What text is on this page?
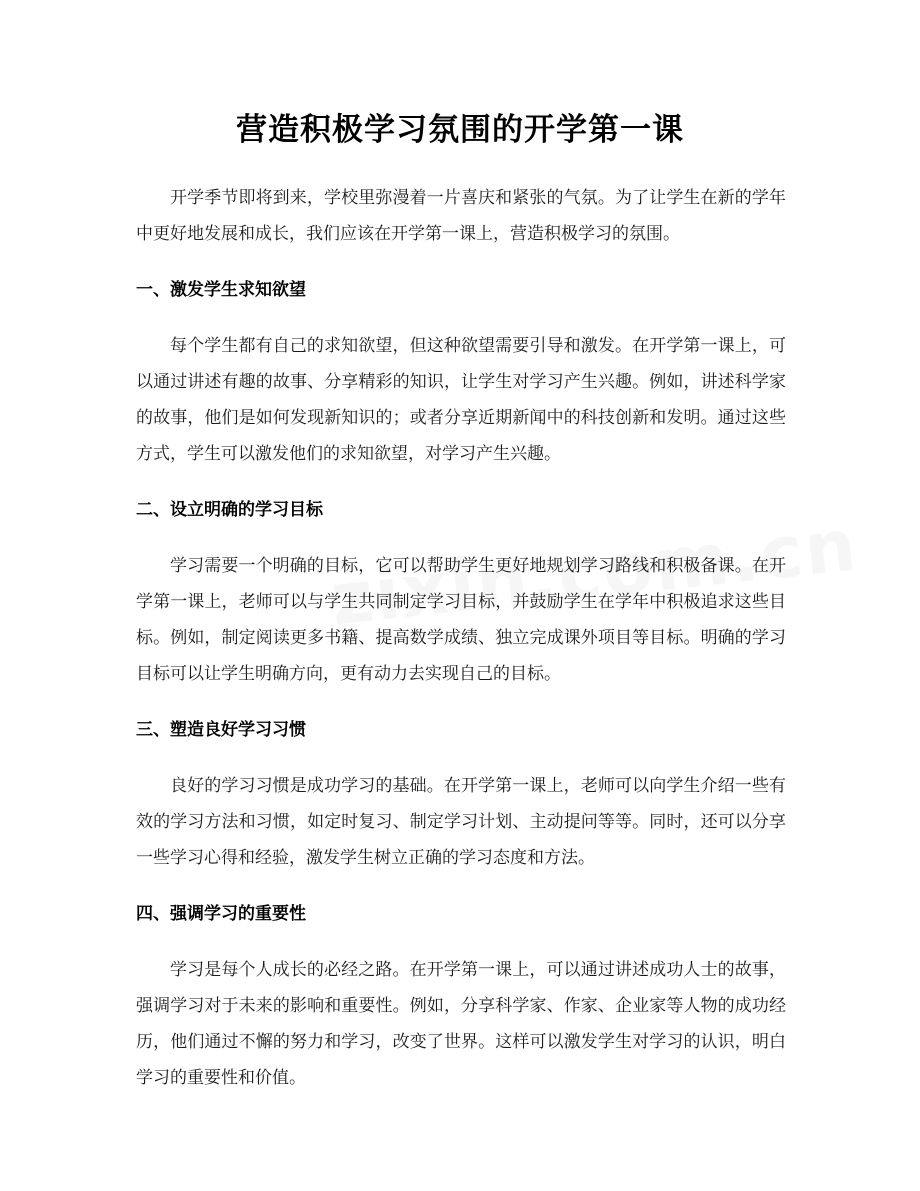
营造积极学习氛围的开学第一课

开学季节即将到来，学校里弥漫着一片喜庆和紧张的气氛。为了让学生在新的学年中更好地发展和成长，我们应该在开学第一课上，营造积极学习的氛围。

一、激发学生求知欲望

每个学生都有自己的求知欲望，但这种欲望需要引导和激发。在开学第一课上，可以通过讲述有趣的故事、分享精彩的知识，让学生对学习产生兴趣。例如，讲述科学家的故事，他们是如何发现新知识的；或者分享近期新闻中的科技创新和发明。通过这些方式，学生可以激发他们的求知欲望，对学习产生兴趣。

二、设立明确的学习目标

学习需要一个明确的目标，它可以帮助学生更好地规划学习路线和积极备课。在开学第一课上，老师可以与学生共同制定学习目标，并鼓励学生在学年中积极追求这些目标。例如，制定阅读更多书籍、提高数学成绩、独立完成课外项目等目标。明确的学习目标可以让学生明确方向，更有动力去实现自己的目标。

三、塑造良好学习习惯

良好的学习习惯是成功学习的基础。在开学第一课上，老师可以向学生介绍一些有效的学习方法和习惯，如定时复习、制定学习计划、主动提问等等。同时，还可以分享一些学习心得和经验，激发学生树立正确的学习态度和方法。

四、强调学习的重要性

学习是每个人成长的必经之路。在开学第一课上，可以通过讲述成功人士的故事，强调学习对于未来的影响和重要性。例如，分享科学家、作家、企业家等人物的成功经历，他们通过不懈的努力和学习，改变了世界。这样可以激发学生对学习的认识，明白学习的重要性和价值。
